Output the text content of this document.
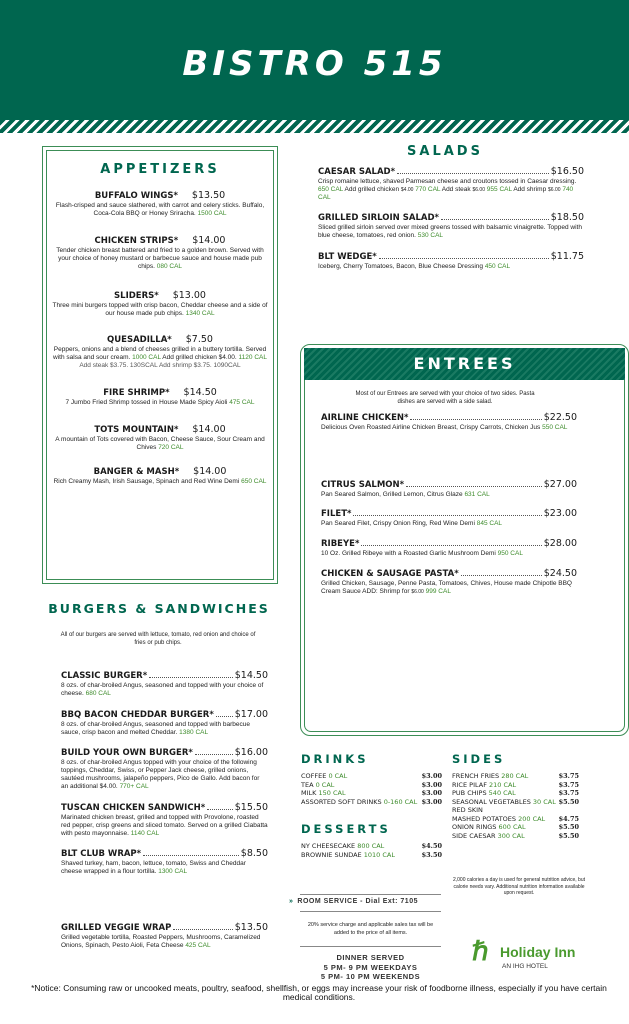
BISTRO 515
APPETIZERS
BUFFALO WINGS* $13.50
Flash-crisped and sauce slathered, with carrot and celery sticks. Buffalo, Coca-Cola BBQ or Honey Sriracha. 1500 CAL
CHICKEN STRIPS* $14.00
Tender chicken breast battered and fried to a golden brown. Served with your choice of honey mustard or barbecue sauce and house made pub chips. 080 CAL
SLIDERS* $13.00
Three mini burgers topped with crisp bacon, Cheddar cheese and a side of our house made pub chips. 1340 CAL
QUESADILLA* $7.50
Peppers, onions and a blend of cheeses grilled in a buttery tortilla. Served with salsa and sour cream. 1000 CAL Add grilled chicken $4.00. 1120 CAL
Add steak $3.75. 130SCAL Add shrimp $3.75. 1090CAL
FIRE SHRIMP* $14.50
7 Jumbo Fried Shrimp tossed in House Made Spicy Aioli 475 CAL
TOTS MOUNTAIN* $14.00
A mountain of Tots covered with Bacon, Cheese Sauce, Sour Cream and Chives 720 CAL
BANGER & MASH* $14.00
Rich Creamy Mash, Irish Sausage, Spinach and Red Wine Demi 650 CAL
SALADS
CAESAR SALAD*	$16.50
Crisp romaine lettuce, shaved Parmesan cheese and croutons tossed in Caesar dressing. 650 CAL Add grilled chicken $4.00 770 CAL Add steak $6.00 955 CAL Add shrimp $6.00 740 CAL
GRILLED SIRLOIN SALAD*	$18.50
Sliced grilled sirloin served over mixed greens tossed with balsamic vinaigrette. Topped with blue cheese, tomatoes, red onion. 530 CAL
BLT WEDGE*	$11.75
Iceberg, Cherry Tomatoes, Bacon, Blue Cheese Dressing 450 CAL
ENTREES
Most of our Entrees are served with your choice of two sides. Pasta dishes are served with a side salad.
AIRLINE CHICKEN*	$22.50
Delicious Oven Roasted Airline Chicken Breast, Crispy Carrots, Chicken Jus 550 CAL
CITRUS SALMON*	$27.00
Pan Seared Salmon, Grilled Lemon, Citrus Glaze 631 CAL
FILET*	$23.00
Pan Seared Filet, Crispy Onion Ring, Red Wine Demi 845 CAL
RIBEYE*	$28.00
10 Oz. Grilled Ribeye with a Roasted Garlic Mushroom Demi 950 CAL
CHICKEN & SAUSAGE PASTA*	$24.50
Grilled Chicken, Sausage, Penne Pasta, Tomatoes, Chives, House made Chipotle BBQ Cream Sauce ADD: Shrimp for $6.00 999 CAL
BURGERS & SANDWICHES
All of our burgers are served with lettuce, tomato, red onion and choice of fries or pub chips.
CLASSIC BURGER*	$14.50
8 ozs. of char-broiled Angus, seasoned and topped with your choice of cheese. 680 CAL
BBQ BACON CHEDDAR BURGER* $17.00
8 ozs. of char-broiled Angus, seasoned and topped with barbecue sauce, crisp bacon and melted Cheddar. 1380 CAL
BUILD YOUR OWN BURGER*	$16.00
8 ozs. of char-broiled Angus topped with your choice of the following toppings, Cheddar, Swiss, or Pepper Jack cheese, grilled onions, sautéed mushrooms, jalapeño peppers, Pico de Gallo. Add bacon for an additional $4.00. 770+ CAL
TUSCAN CHICKEN SANDWICH*	$15.50
Marinated chicken breast, grilled and topped with Provolone, roasted red pepper, crisp greens and sliced tomato. Served on a grilled Ciabatta with pesto mayonnaise. 1140 CAL
BLT CLUB WRAP*	$8.50
Shaved turkey, ham, bacon, lettuce, tomato, Swiss and Cheddar cheese wrapped in a flour tortilla. 1300 CAL
GRILLED VEGGIE WRAP	$13.50
Grilled vegetable tortilla, Roasted Peppers, Mushrooms, Caramelized Onions, Spinach, Pesto Aioli, Feta Cheese 425 CAL
DRINKS
COFFEE 0 CAL	$3.00
TEA 0 CAL	$3.00
MILK 150 CAL	$3.00
ASSORTED SOFT DRINKS 0-160 CAL $3.00
DESSERTS
NY CHEESECAKE 800 CAL	$4.50
BROWNIE SUNDAE 1010 CAL	$3.50
SIDES
FRENCH FRIES 280 CAL	$3.75
RICE PILAF 210 CAL	$3.75
PUB CHIPS 540 CAL	$3.75
SEASONAL VEGETABLES 30 CAL $5.50
RED SKIN
MASHED POTATOES 200 CAL $4.75
ONION RINGS 600 CAL	$5.50
SIDE CAESAR 300 CAL	$5.50
2,000 calories a day is used for general nutrition advice, but calorie needs vary. Additional nutrition information available upon request.
» ROOM SERVICE - Dial Ext: 7105
20% service charge and applicable sales tax will be added to the price of all items.
DINNER SERVED
5 PM- 9 PM WEEKDAYS
5 PM- 10 PM WEEKENDS
ℏ Holiday Inn
AN IHG HOTEL
*Notice: Consuming raw or uncooked meats, poultry, seafood, shellfish, or eggs may increase your risk of foodborne illness, especially if you have certain medical conditions.
